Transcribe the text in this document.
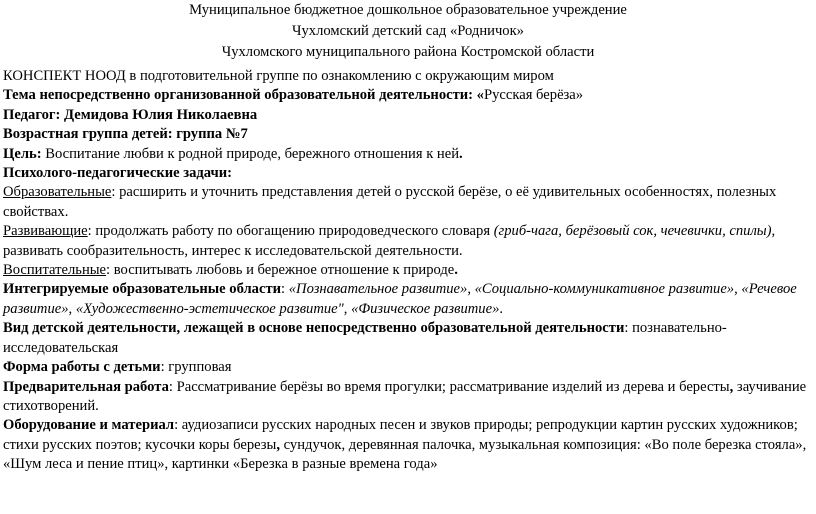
Муниципальное бюджетное дошкольное образовательное учреждение
Чухломский детский сад «Родничок»
Чухломского муниципального района Костромской области

КОНСПЕКТ НООД в подготовительной группе по ознакомлению с окружающим миром

Тема непосредственно организованной образовательной деятельности: «Русская берёза»

Педагог: Демидова Юлия Николаевна

Возрастная группа детей: группа №7

Цель: Воспитание любви к родной природе, бережного отношения к ней.

Психолого-педагогические задачи:

Образовательные: расширить и уточнить представления детей о русской берёзе, о её удивительных особенностях, полезных свойствах.

Развивающие: продолжать работу по обогащению природоведческого словаря (гриб-чага, берёзовый сок, чечевички, спилы), развивать сообразительность, интерес к исследовательской деятельности.

Воспитательные: воспитывать любовь и бережное отношение к природе.

Интегрируемые образовательные области: «Познавательное развитие», «Социально-коммуникативное развитие», «Речевое развитие», «Художественно-эстетическое развитие", «Физическое развитие».

Вид детской деятельности, лежащей в основе непосредственно образовательной деятельности: познавательно-исследовательская

Форма работы с детьми: групповая

Предварительная работа: Рассматривание берёзы во время прогулки; рассматривание изделий из дерева и бересты, заучивание стихотворений.

Оборудование и материал: аудиозаписи русских народных песен и звуков природы; репродукции картин русских художников; стихи русских поэтов; кусочки коры березы, сундучок, деревянная палочка, музыкальная композиция: «Во поле березка стояла», «Шум леса и пение птиц», картинки «Березка в разные времена года»
